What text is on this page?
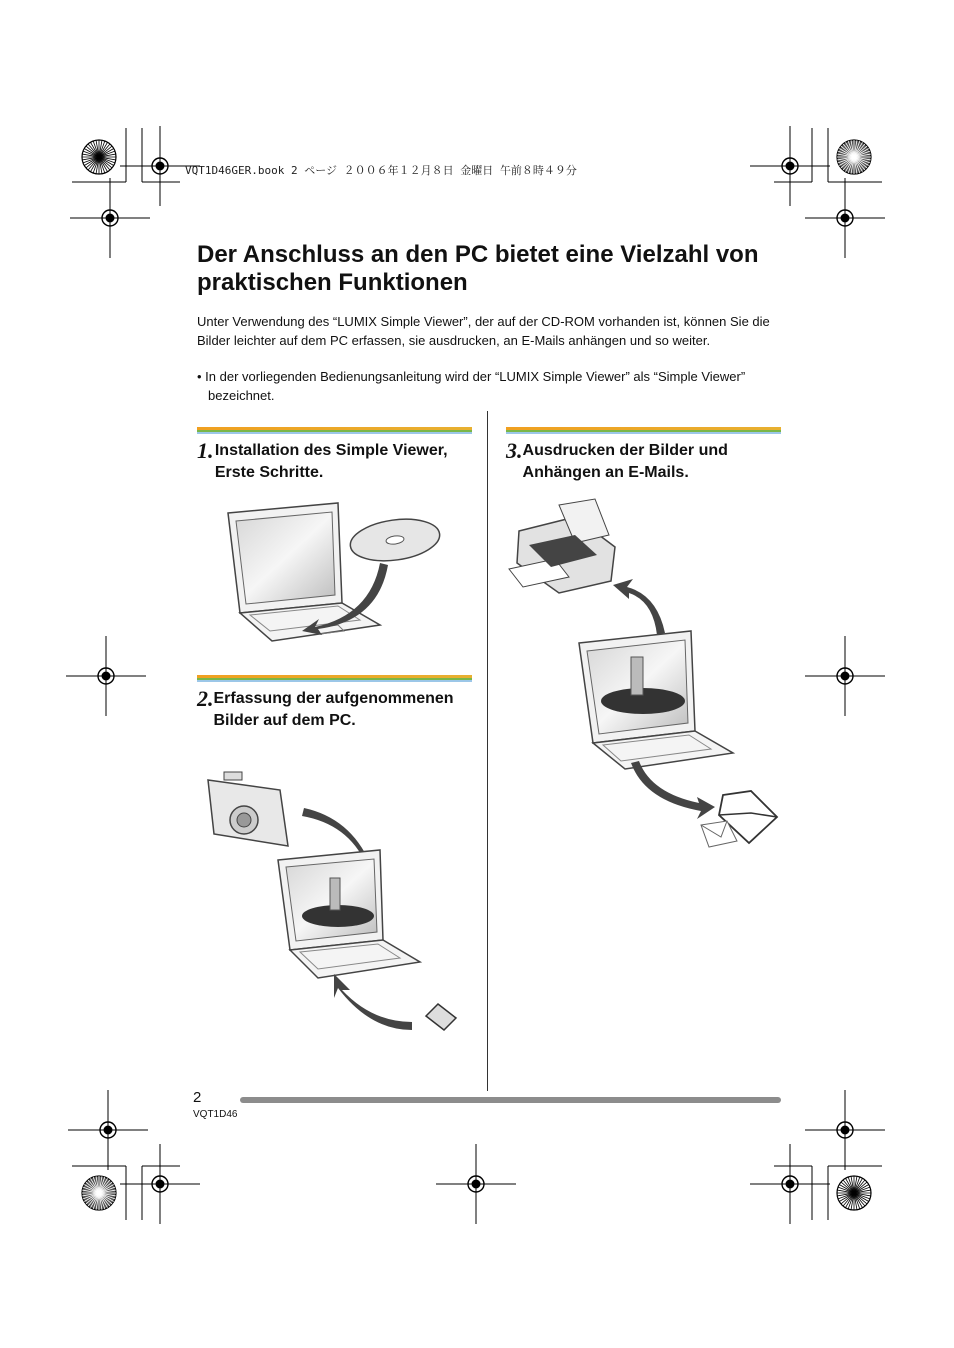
VQT1D46GER.book 2 ページ ２００６年１２月８日 金曜日 午前８時４９分
Der Anschluss an den PC bietet eine Vielzahl von praktischen Funktionen

Unter Verwendung des “LUMIX Simple Viewer”, der auf der CD-ROM vorhanden ist, können Sie die Bilder leichter auf dem PC erfassen, sie ausdrucken, an E-Mails anhängen und so weiter.

• In der vorliegenden Bedienungsanleitung wird der “LUMIX Simple Viewer” als “Simple Viewer” bezeichnet.

1. Installation des Simple Viewer, Erste Schritte.
2. Erfassung der aufgenommenen Bilder auf dem PC.
3. Ausdrucken der Bilder und Anhängen an E-Mails.
2
VQT1D46
